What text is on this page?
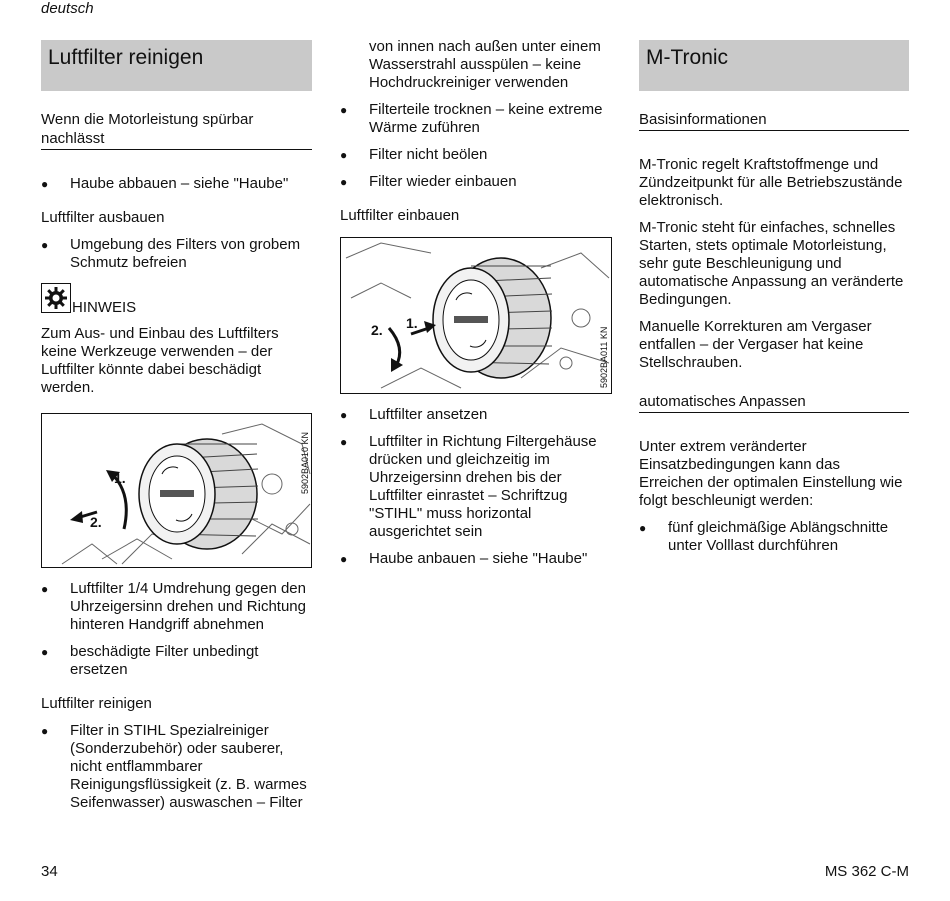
deutsch
Luftfilter reinigen
Wenn die Motorleistung spürbar
nachlässt
● Haube abbauen – siehe "Haube"
Luftfilter ausbauen
● Umgebung des Filters von grobem
Schmutz befreien
HINWEIS
Zum Aus- und Einbau des Luftfilters
keine Werkzeuge verwenden – der
Luftfilter könnte dabei beschädigt
werden.
1.
2.
5902BA010 KN
● Luftfilter 1/4 Umdrehung gegen den
Uhrzeigersinn drehen und Richtung
hinteren Handgriff abnehmen
● beschädigte Filter unbedingt
ersetzen
Luftfilter reinigen
● Filter in STIHL Spezialreiniger
(Sonderzubehör) oder sauberer,
nicht entflammbarer
Reinigungsflüssigkeit (z. B. warmes
Seifenwasser) auswaschen – Filter
von innen nach außen unter einem
Wasserstrahl ausspülen – keine
Hochdruckreiniger verwenden
● Filterteile trocknen – keine extreme
Wärme zuführen
● Filter nicht beölen
● Filter wieder einbauen
Luftfilter einbauen
1.
2.	5902BA011 KN
● Luftfilter ansetzen
● Luftfilter in Richtung Filtergehäuse
drücken und gleichzeitig im
Uhrzeigersinn drehen bis der
Luftfilter einrastet – Schriftzug
"STIHL" muss horizontal
ausgerichtet sein
● Haube anbauen – siehe "Haube"
M-Tronic
Basisinformationen
M-Tronic regelt Kraftstoffmenge und
Zündzeitpunkt für alle Betriebszustände
elektronisch.
M-Tronic steht für einfaches, schnelles
Starten, stets optimale Motorleistung,
sehr gute Beschleunigung und
automatische Anpassung an veränderte
Bedingungen.
Manuelle Korrekturen am Vergaser
entfallen – der Vergaser hat keine
Stellschrauben.
automatisches Anpassen
Unter extrem veränderter
Einsatzbedingungen kann das
Erreichen der optimalen Einstellung wie
folgt beschleunigt werden:
● fünf gleichmäßige Ablängschnitte
unter Volllast durchführen
34	MS 362 C-M
